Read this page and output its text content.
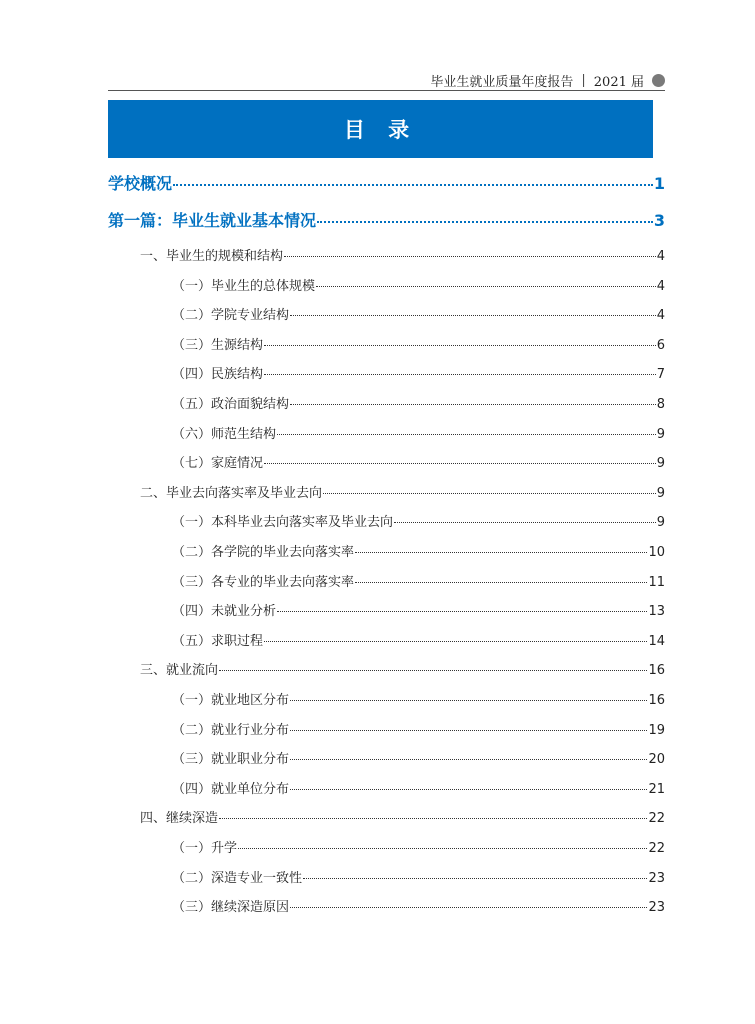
毕业生就业质量年度报告 | 2021 届
目 录
学校概况	1
第一篇：毕业生就业基本情况	3
一、毕业生的规模和结构	4
（一）毕业生的总体规模	4
（二）学院专业结构	4
（三）生源结构	6
（四）民族结构	7
（五）政治面貌结构	8
（六）师范生结构	9
（七）家庭情况	9
二、毕业去向落实率及毕业去向	9
（一）本科毕业去向落实率及毕业去向	9
（二）各学院的毕业去向落实率	10
（三）各专业的毕业去向落实率	11
（四）未就业分析	13
（五）求职过程	14
三、就业流向	16
（一）就业地区分布	16
（二）就业行业分布	19
（三）就业职业分布	20
（四）就业单位分布	21
四、继续深造	22
（一）升学	22
（二）深造专业一致性	23
（三）继续深造原因	23
